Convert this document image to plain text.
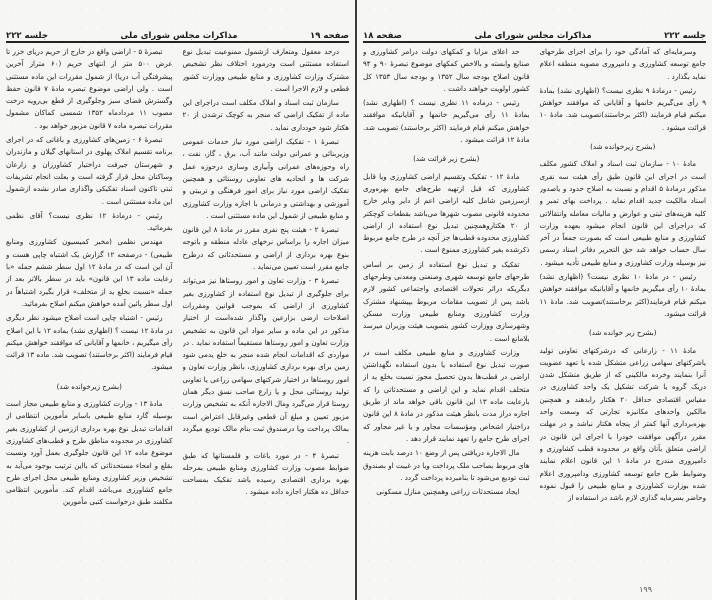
صفحه ۱۸	مذاکرات مجلس شورای ملی	جلسه ۲۲۲

وسرمایه‌ای که آمادگی خود را برای اجرای طرحهای جامع توسعه کشاورزی و دامپروری مصوبه منطقه اعلام نماید بگذارد .

رئیس - درمادهٔ ۹ نظری نیست؟ (اظهاری نشد) بمادهٔ ۹ رأی می‌گیریم خانمها و آقایانی که موافقند خواهش میکنم قیام فرمایند (اکثر برخاستند)تصویب شد. مادهٔ ۱۰ قرائت میشود .

(بشرح زیرخوانده شد)

مادهٔ ۱۰ - سازمان ثبت اسناد و املاک کشور مکلف است در اجرای این قانون طبق رأی هیئت سه نفری مذکور درمادهٔ ۵ اقدام و نسبت به اصلاح حدود و یاصدور اسناد مالکیت جدید اقدام نماید . پرداخت بهای تمبر و کلیه هزینه‌های ثبتی و عوارض و مالیات معامله وانتقالاتی که دراجرای این قانون انجام میشود بعهده وزارت کشاورزی و منابع طبیعی است که بصورت جمعاً در آخر سال حساب خواهد شد حق التحریر دفاتر اسناد رسمی نیز بوسیله وزارت کشاورزی و منابع طبیعی تأدیه میشود .

رئیس - در مادهٔ ۱۰ نظری نیست؟ (اظهاری نشد) بمادهٔ ۱۰ رأی میگیریم خانمها و آقایانیکه موافقند خواهش میکنم قیام فرمایند(اکثر برخاستند)تصویب شد. مادهٔ ۱۱ قرائت میشود.

(بشرح زیر خوانده شد)

مادهٔ ۱۱ - زارعانی که درشرکتهای تعاونی تولید یاشرکتهای سهامی زراعی متشکل شده یا تعهد عضویت آنرا بنمایند وخرده مالکینی که از طریق متشکل شدن دریک گروه یا شرکت تشکیل یک واحد کشاورزی در مقیاس اقتصادی حداقل ۲۰ هکتار رابدهند و همچنین مالکین واحدهای مکانیزه تجارتی که وسعت واحد بهره‌برداری آنها کمتر از پنجاه هکتار نباشد و در مهلت مقرر درآگهی موافقت خودرا با اجرای این قانون در اراضی متعلق بآنان واقع در محدوده قطب کشاورزی و دامپروری مندرج در مادهٔ ۱ این قانون اعلام نمایند وضوابط طرح جامع توسعه کشاورزی ودامپروری اعلام شده بوزارت کشاورزی و منابع طبیعی را قبول نموده وحاضر بسرمایه گذاری لازم باشد در استفاده از

حد اعلای مزایا و کمکهای دولت درامر کشاورزی و صنایع وابسته و بالاخص کمکهای موضوع تبصرهٔ ۹۰ و ۹۴ قانون اصلاح بودجه سال ۱۳۵۲ و بودجه سال ۱۳۵۳ کل کشور اولویت خواهند داشت .

رئیس - درماده ۱۱ نظری نیست ؟ (اظهاری نشد) بمادهٔ ۱۱ رأی می‌گیریم خانمها و آقایانیکه موافقند خواهش میکنم قیام فرمایند (اکثر برخاستند) تصویب شد. مادهٔ ۱۲ قرائت میشود .

(بشرح زیر قرائت شد)

مادهٔ ۱۲ - تفکیک وتقسیم اراضی کشاورزی ویا قابل کشاورزی که قبل ازتهیه طرح‌های جامع بهره‌وری ازسرزمین شامل کلیه اراضی اعم از دایر وبایر خارج محدوده قانونی مصوب شهرها می‌باشد بقطعات کوچکتر از ۲۰ هکتاروهمچنین تبدیل نوع استفاده از اراضی کشاورزی محدوده قطب‌ها جز آنچه در طرح جامع مربوط ذکرشده بغیر کشاورزی ممنوع است .

تفکیک و تبدیل نوع استفاده از زمین بر اساس طرحهای جامع توسعه شهری وصنعتی ومعدنی وطرحهای دیگریکه دراثر تحولات اقتصادی واجتماعی کشور لازم باشد پس از تصویب مقامات مربوط بپیشنهاد مشترک وزارت کشاورزی ومنابع طبیعی وزارت مسکن وشهرسازی ووزارت کشور بتصویب هیئت وزیران میرسد بلامانع است .

وزارت کشاورزی و منابع طبیعی مکلف است در صورت تبدیل نوع استفاده یا بدون استفاده نگهداشتن اراضی در قطب‌ها بدون تحصیل مجوز نسبت بخلع ید از متخلف اقدام نماید و این اراضی و مستحدثاتی را که بارعایت ماده ۱۳ این قانون باقی خواهد ماند از طریق اجاره دراز مدت بانظر هیئت مذکور در مادهٔ ۸ این قانون دراختیار اشخاص ومؤسسات مجاور و یا غیر مجاور که اجرای طرح جامع را تعهد نمایند قرار دهد .

مال الاجاره دریافتی پس از وضع ۱۰ درصد بابت هزینه های مربوط بصاحب ملک پرداخت ویا در غیبت او بصندوق ثبت تودیع می‌شود تا بنامبرده پرداخت گردد .

ایجاد مستحدثات زراعی وهمچنین منازل مسکونی

۱۹۹
جلسه ۲۲۲	مذاکرات مجلس شورای ملی	صفحه ۱۹

درحد معقول ومتعارف ازشمول ممنوعیت تبدیل نوع استفاده مستثنی است ودرمورد اختلاف نظر تشخیص مشترک وزارت کشاورزی و منابع طبیعی ووزارت کشور قطعی و لازم الاجرا است .

سازمان ثبت اسناد و املاک مکلف است دراجرای این ماده از تفکیک اراضی که منجر به کوچک ترشدن از ۲۰ هکتار شود خودداری نماید .

تبصرهٔ ۱ - تفکیک اراضی مورد نیاز خدمات عمومی وزیربنائی و عمرانی دولت مانند آب، برق ، گاز، نفت ، راه وحوزه‌های عمرانی وآبیاری وسازی درحوزه عمل شرکت ها و اتحادیه های تعاونی روستائی و همچنین تفکیک اراضی مورد نیاز برای امور فرهنگی و تربیتی و آموزشی و بهداشتی و درمانی با اجازه وزارت کشاورزی و منابع طبیعی از شمول این ماده مستثنی است .

تبصرهٔ ۲ - هیئت پنج نفری مقرر در مادهٔ ۸ این قانون میزان اجاره را براساس نرخهای عادله منطقه و باتوجه بنوع بهره برداری از اراضی و مستحدثاتی که درطرح جامع مقرر است تعیین می‌نماید .

تبصرهٔ ۳ - وزارت تعاون و امور روستاها نیز می‌تواند برای جلوگیری از تبدیل نوع استفاده از کشاورزی بغیر کشاورزی از اراضی که بموجب قوانین ومقررات اصلاحات ارضی بزارعین واگذار شده‌است از اختیار مذکور در این ماده و سایر مواد این قانون به تشخیص وزارت تعاون و امور روستاها مستقیماً استفاده نماید . در مواردی که اقدامات انجام شده منجر به خلع یدمی شود زمین برای بهره برداری کشاورزی، بانظر وزارت تعاون و امور روستاها در اختیار شرکتهای سهامی زراعی یا تعاونی تولید روستائی محل و یا زارع صاحب نسق دیگر همان روستا قرار می‌گیرد ومال الاجاره آنکه به تشخیص وزارت مزبور تعیین و مبلغ آن قطعی وغیرقابل اعتراض است بمالک پرداخت ویا درصندوق ثبت بنام مالک تودیع میگردد .

تبصرهٔ ۴ - در مورد باغات و قلمستانها که طبق ضوابط مصوب وزارت کشاورزی ومنابع طبیعی بمرحله بهره برداری اقتصادی رسیده باشد تفکیک بمساحت حداقل ده هکتار اجازه داده میشود .

تبصرهٔ ۵ - اراضی واقع در خارج از حریم دریای خزر تا عرض ۵۰۰ متر از انتهای حریم (۶۰ متراز آخرین پیشرفتگی آب دریا) از شمول مقررات این ماده مستثنی است . ولی اراضی موضوع تبصره مادهٔ ۷ قانون حفظ وگسترش فضای سبز وجلوگیری از قطع بی‌رویه درخت مصوب ۱۱ مردادماه ۱۳۵۲ شمسی کماکان مشمول مقررات تبصره ماده ۷ قانون مزبور خواهد بود .

تبصرهٔ ۶ - زمین‌های کشاورزی و باغاتی که در اجرای برنامه تقسیم املاک پهلوی در استانهای گیلان و مازندران و شهرستان جیرفت دراختیار کشاورزان و زارعان وساکنان محل قرار گرفته است و بعلت انجام تشریفات ثبتی تاکنون اسناد تفکیکی واگذاری صادر نشده ازشمول این ماده مستثنی است .

رئیس - درمادهٔ ۱۲ نظری نیست؟ آقای نظمی بفرمائید.

مهندس نظمی (مخبر کمیسیون کشاورزی ومنابع طبیعی) - درصفحه ۱۲ گزارش یک اشتباه چاپی هست و آن این است که در مادهٔ ۱۲ اول سطر ششم جمله «با رعایت ماده ۱۳ این قانون» باید در سطر بالاتر بعد از جمله «نسبت بخلع ید از متخلف» قرار بگیرد اشتباهاً در اول سطر پائین آمده خواهش میکنم اصلاح بفرمائید.

رئیس - اشتباه چاپی است اصلاح میشود نظر دیگری در مادهٔ ۱۲ نیست ؟ (اظهاری نشد) بماده ۱۲ با این اصلاح رأی میگیریم ، خانمها و آقایانی که موافقند خواهش میکنم قیام فرمایند (اکثر برخاستند) تصویب شد. ماده ۱۳ قرائت میشود.

(بشرح زیرخوانده شد)

مادهٔ ۱۳ - وزارت کشاورزی و منابع طبیعی مجاز است بوسیله گارد منابع طبیعی باسایر مأمورین انتظامی از اقدامات تبدیل نوع بهره برداری اززمین از کشاورزی بغیر کشاورزی در محدوده مناطق طرح و قطب‌های کشاورزی موضوع ماده ۱۲ این قانون جلوگیری بعمل آورد ونسبت بقلع و امحاء مستحدثاتی که بااین ترتیب بوجود می‌آید به تشخیص وزیر کشاورزی ومنابع طبیعی محل اجرای طرح جامع کشاورزی می‌باشد اقدام کند. مأمورین انتظامی مکلفند طبق درخواست کتبی مأمورین
